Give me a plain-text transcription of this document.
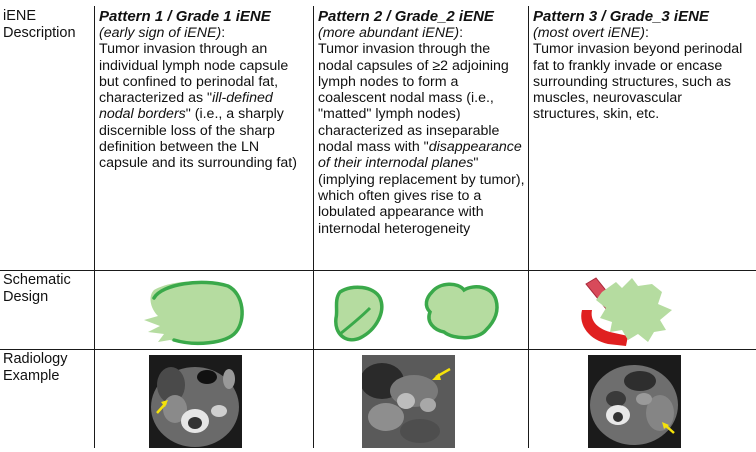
iENE Description
Schematic Design
Radiology Example
Pattern 1 / Grade 1 iENE
(early sign of iENE):
Tumor invasion through an individual lymph node capsule but confined to perinodal fat, characterized as "ill-defined nodal borders" (i.e., a sharply discernible loss of the sharp definition between the LN capsule and its surrounding fat)
Pattern 2 / Grade_2 iENE
(more abundant iENE):
Tumor invasion through the nodal capsules of ≥2 adjoining lymph nodes to form a coalescent nodal mass (i.e., "matted" lymph nodes) characterized as inseparable nodal mass with "disappearance of their internodal planes" (implying replacement by tumor), which often gives rise to a lobulated appearance with internodal heterogeneity
Pattern 3 / Grade_3 iENE
(most overt iENE):
Tumor invasion beyond perinodal fat to frankly invade or encase surrounding structures, such as muscles, neurovascular structures, skin, etc.
